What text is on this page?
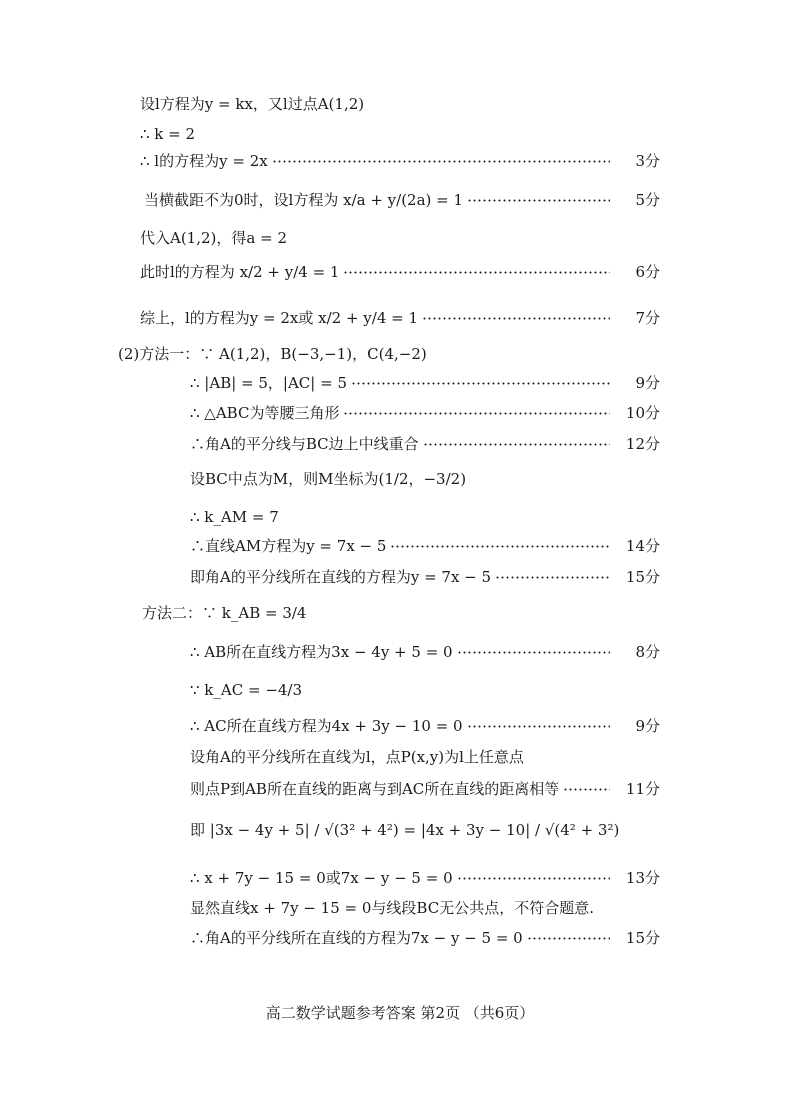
设l方程为y = kx，又l过点A(1,2)
∴ k = 2
∴ l的方程为y = 2x	3分
当横截距不为0时，设l方程为 x/a + y/(2a) = 1	5分
代入A(1,2)，得a = 2
此时l的方程为 x/2 + y/4 = 1	6分
综上，l的方程为y = 2x或 x/2 + y/4 = 1	7分
(2)方法一：∵ A(1,2)，B(−3,−1)，C(4,−2)
∴ |AB| = 5，|AC| = 5	9分
∴ △ABC为等腰三角形	10分
∴角A的平分线与BC边上中线重合	12分
设BC中点为M，则M坐标为(1/2，−3/2)
∴ k_AM = 7
∴直线AM方程为y = 7x − 5	14分
即角A的平分线所在直线的方程为y = 7x − 5	15分
方法二：∵ k_AB = 3/4
∴ AB所在直线方程为3x − 4y + 5 = 0	8分
∵ k_AC = −4/3
∴ AC所在直线方程为4x + 3y − 10 = 0	9分
设角A的平分线所在直线为l，点P(x,y)为l上任意点
则点P到AB所在直线的距离与到AC所在直线的距离相等	11分
即 |3x − 4y + 5| / √(3² + 4²) = |4x + 3y − 10| / √(4² + 3²)
∴ x + 7y − 15 = 0或7x − y − 5 = 0	13分
显然直线x + 7y − 15 = 0与线段BC无公共点，不符合题意.
∴角A的平分线所在直线的方程为7x − y − 5 = 0	15分
高二数学试题参考答案 第2页 （共6页）
